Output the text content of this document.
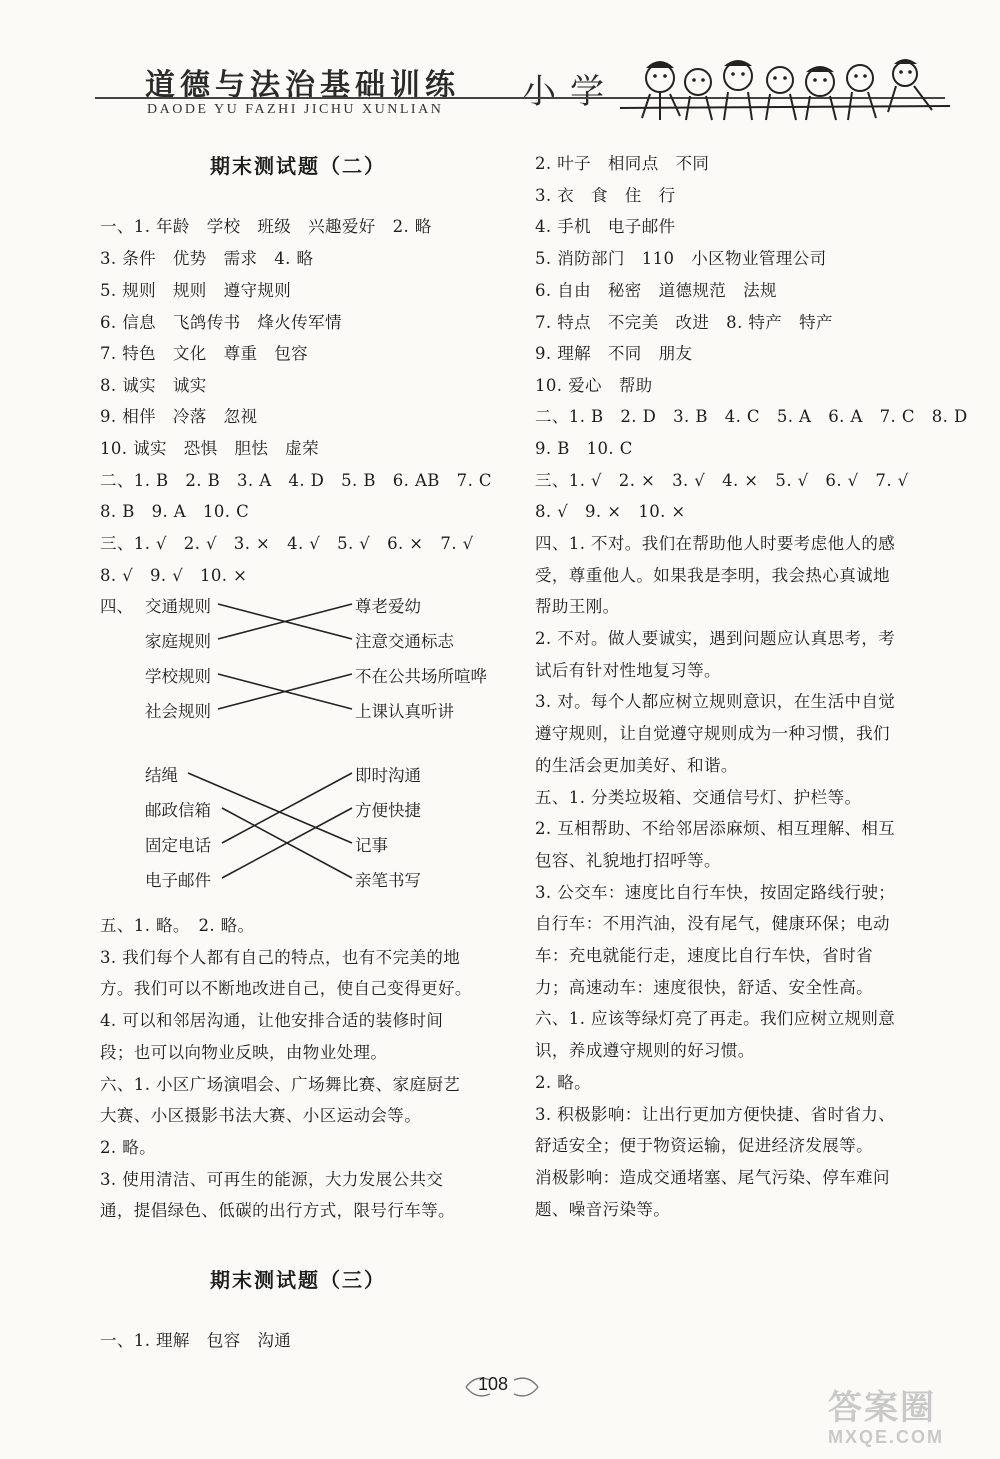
道德与法治基础训练 小学
DAODE YU FAZHI JICHU XUNLIAN
期末测试题（二）
一、1. 年龄　学校　班级　兴趣爱好　2. 略
3. 条件　优势　需求　4. 略
5. 规则　规则　遵守规则
6. 信息　飞鸽传书　烽火传军情
7. 特色　文化　尊重　包容
8. 诚实　诚实
9. 相伴　冷落　忽视
10. 诚实　恐惧　胆怯　虚荣
二、1. B　2. B　3. A　4. D　5. B　6. AB　7. C
8. B　9. A　10. C
三、1. √　2. √　3. ×　4. √　5. √　6. ×　7. √
8. √　9. √　10. ×
四、 交通规则
家庭规则
学校规则
社会规则
尊老爱幼
注意交通标志
不在公共场所喧哗
上课认真听讲
结绳
邮政信箱
固定电话
电子邮件
即时沟通
方便快捷
记事
亲笔书写
五、1. 略。　2. 略。
3. 我们每个人都有自己的特点，也有不完美的地
方。我们可以不断地改进自己，使自己变得更好。
4. 可以和邻居沟通，让他安排合适的装修时间
段；也可以向物业反映，由物业处理。
六、1. 小区广场演唱会、广场舞比赛、家庭厨艺
大赛、小区摄影书法大赛、小区运动会等。
2. 略。
3. 使用清洁、可再生的能源，大力发展公共交
通，提倡绿色、低碳的出行方式，限号行车等。
期末测试题（三）
一、1. 理解　包容　沟通
2. 叶子　相同点　不同
3. 衣　食　住　行
4. 手机　电子邮件
5. 消防部门　110　小区物业管理公司
6. 自由　秘密　道德规范　法规
7. 特点　不完美　改进　8. 特产　特产
9. 理解　不同　朋友
10. 爱心　帮助
二、1. B　2. D　3. B　4. C　5. A　6. A　7. C　8. D
9. B　10. C
三、1. √　2. ×　3. √　4. ×　5. √　6. √　7. √
8. √　9. ×　10. ×
四、1. 不对。我们在帮助他人时要考虑他人的感
受，尊重他人。如果我是李明，我会热心真诚地
帮助王刚。
2. 不对。做人要诚实，遇到问题应认真思考，考
试后有针对性地复习等。
3. 对。每个人都应树立规则意识，在生活中自觉
遵守规则，让自觉遵守规则成为一种习惯，我们
的生活会更加美好、和谐。
五、1. 分类垃圾箱、交通信号灯、护栏等。
2. 互相帮助、不给邻居添麻烦、相互理解、相互
包容、礼貌地打招呼等。
3. 公交车：速度比自行车快，按固定路线行驶；
自行车：不用汽油，没有尾气，健康环保；电动
车：充电就能行走，速度比自行车快，省时省
力；高速动车：速度很快，舒适、安全性高。
六、1. 应该等绿灯亮了再走。我们应树立规则意
识，养成遵守规则的好习惯。
2. 略。
3. 积极影响：让出行更加方便快捷、省时省力、
舒适安全；便于物资运输，促进经济发展等。
消极影响：造成交通堵塞、尾气污染、停车难问
题、噪音污染等。
108
答案圈
MXQE.COM
